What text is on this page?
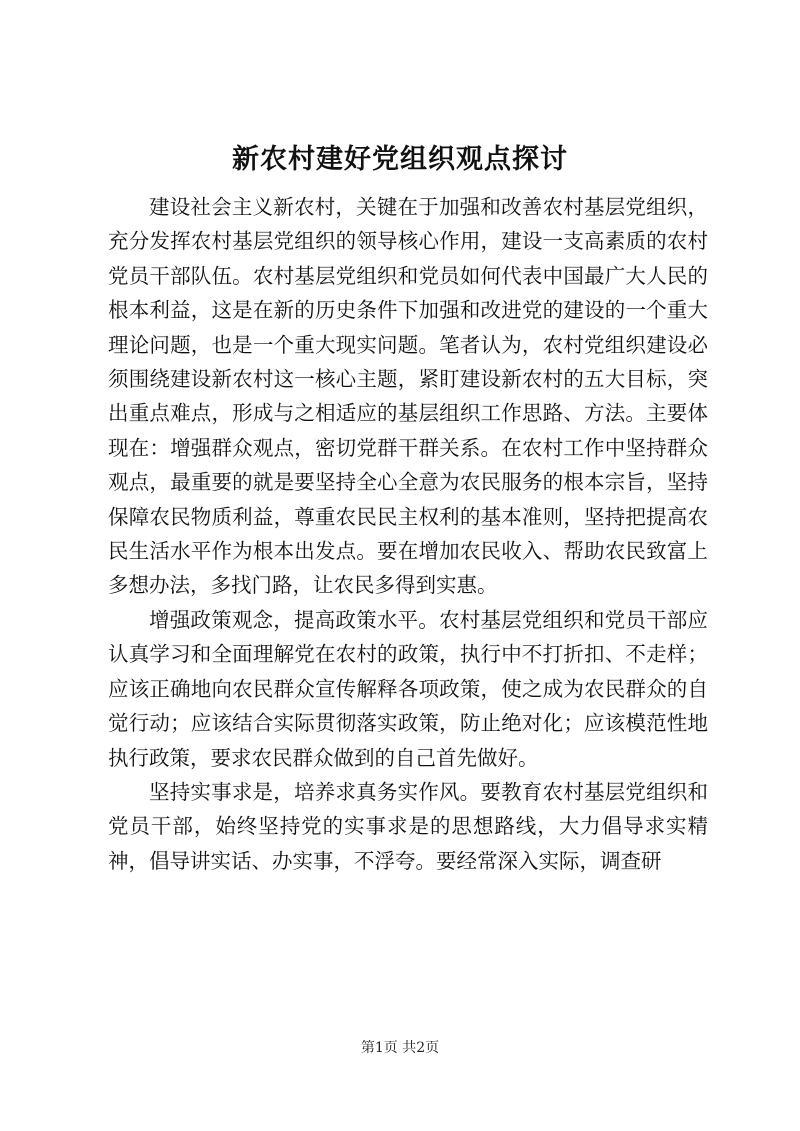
新农村建好党组织观点探讨

建设社会主义新农村，关键在于加强和改善农村基层党组织，充分发挥农村基层党组织的领导核心作用，建设一支高素质的农村党员干部队伍。农村基层党组织和党员如何代表中国最广大人民的根本利益，这是在新的历史条件下加强和改进党的建设的一个重大理论问题，也是一个重大现实问题。笔者认为，农村党组织建设必须围绕建设新农村这一核心主题，紧盯建设新农村的五大目标，突出重点难点，形成与之相适应的基层组织工作思路、方法。主要体现在：增强群众观点，密切党群干群关系。在农村工作中坚持群众观点，最重要的就是要坚持全心全意为农民服务的根本宗旨，坚持保障农民物质利益，尊重农民民主权利的基本准则，坚持把提高农民生活水平作为根本出发点。要在增加农民收入、帮助农民致富上多想办法，多找门路，让农民多得到实惠。

增强政策观念，提高政策水平。农村基层党组织和党员干部应认真学习和全面理解党在农村的政策，执行中不打折扣、不走样；应该正确地向农民群众宣传解释各项政策，使之成为农民群众的自觉行动；应该结合实际贯彻落实政策，防止绝对化；应该模范性地执行政策，要求农民群众做到的自己首先做好。

坚持实事求是，培养求真务实作风。要教育农村基层党组织和党员干部，始终坚持党的实事求是的思想路线，大力倡导求实精神，倡导讲实话、办实事，不浮夸。要经常深入实际，调查研

第1页 共2页
